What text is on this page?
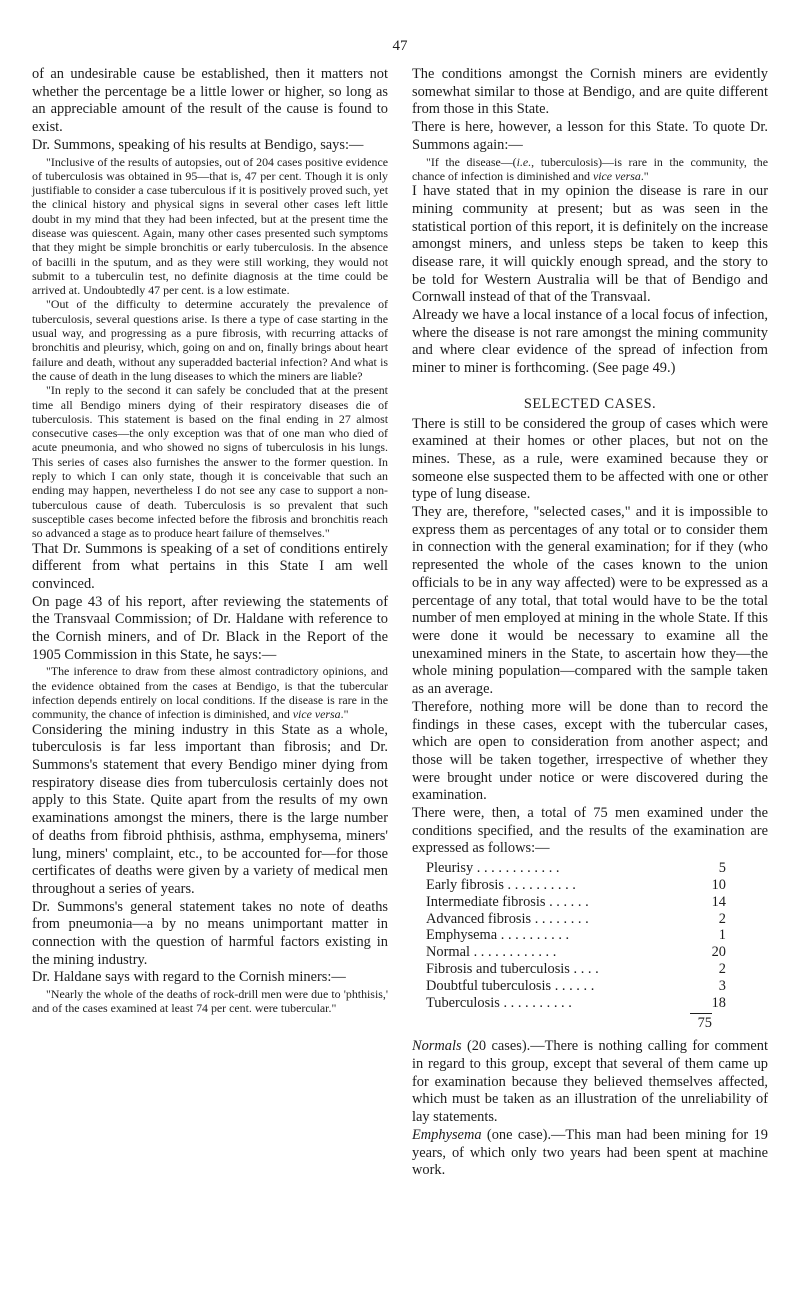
47

of an undesirable cause be established, then it matters not whether the percentage be a little lower or higher, so long as an appreciable amount of the result of the cause is found to exist.

Dr. Summons, speaking of his results at Bendigo, says:—

"Inclusive of the results of autopsies, out of 204 cases positive evidence of tuberculosis was obtained in 95—that is, 47 per cent. Though it is only justifiable to consider a case tuberculous if it is positively proved such, yet the clinical history and physical signs in several other cases left little doubt in my mind that they had been infected, but at the present time the disease was quiescent. Again, many other cases presented such symptoms that they might be simple bronchitis or early tuberculosis. In the absence of bacilli in the sputum, and as they were still working, they would not submit to a tuberculin test, no definite diagnosis at the time could be arrived at. Undoubtedly 47 per cent. is a low estimate.

"Out of the difficulty to determine accurately the prevalence of tuberculosis, several questions arise. Is there a type of case starting in the usual way, and progressing as a pure fibrosis, with recurring attacks of bronchitis and pleurisy, which, going on and on, finally brings about heart failure and death, without any superadded bacterial infection? And what is the cause of death in the lung diseases to which the miners are liable?

"In reply to the second it can safely be concluded that at the present time all Bendigo miners dying of their respiratory diseases die of tuberculosis. This statement is based on the final ending in 27 almost consecutive cases—the only exception was that of one man who died of acute pneumonia, and who showed no signs of tuberculosis in his lungs. This series of cases also furnishes the answer to the former question. In reply to which I can only state, though it is conceivable that such an ending may happen, nevertheless I do not see any case to support a non-tuberculous cause of death. Tuberculosis is so prevalent that such susceptible cases become infected before the fibrosis and bronchitis reach so advanced a stage as to produce heart failure of themselves."

That Dr. Summons is speaking of a set of conditions entirely different from what pertains in this State I am well convinced.

On page 43 of his report, after reviewing the statements of the Transvaal Commission; of Dr. Haldane with reference to the Cornish miners, and of Dr. Black in the Report of the 1905 Commission in this State, he says:—

"The inference to draw from these almost contradictory opinions, and the evidence obtained from the cases at Bendigo, is that the tubercular infection depends entirely on local conditions. If the disease is rare in the community, the chance of infection is diminished, and vice versa."

Considering the mining industry in this State as a whole, tuberculosis is far less important than fibrosis; and Dr. Summons's statement that every Bendigo miner dying from respiratory disease dies from tuberculosis certainly does not apply to this State. Quite apart from the results of my own examinations amongst the miners, there is the large number of deaths from fibroid phthisis, asthma, emphysema, miners' lung, miners' complaint, etc., to be accounted for—for those certificates of deaths were given by a variety of medical men throughout a series of years.

Dr. Summons's general statement takes no note of deaths from pneumonia—a by no means unimportant matter in connection with the question of harmful factors existing in the mining industry.

Dr. Haldane says with regard to the Cornish miners:—

"Nearly the whole of the deaths of rock-drill men were due to 'phthisis,' and of the cases examined at least 74 per cent. were tubercular."

The conditions amongst the Cornish miners are evidently somewhat similar to those at Bendigo, and are quite different from those in this State.

There is here, however, a lesson for this State. To quote Dr. Summons again:—

"If the disease—(i.e., tuberculosis)—is rare in the community, the chance of infection is diminished and vice versa."

I have stated that in my opinion the disease is rare in our mining community at present; but as was seen in the statistical portion of this report, it is definitely on the increase amongst miners, and unless steps be taken to keep this disease rare, it will quickly enough spread, and the story to be told for Western Australia will be that of Bendigo and Cornwall instead of that of the Transvaal.

Already we have a local instance of a local focus of infection, where the disease is not rare amongst the mining community and where clear evidence of the spread of infection from miner to miner is forthcoming. (See page 49.)

SELECTED CASES.

There is still to be considered the group of cases which were examined at their homes or other places, but not on the mines. These, as a rule, were examined because they or someone else suspected them to be affected with one or other type of lung disease.

They are, therefore, "selected cases," and it is impossible to express them as percentages of any total or to consider them in connection with the general examination; for if they (who represented the whole of the cases known to the union officials to be in any way affected) were to be expressed as a percentage of any total, that total would have to be the total number of men employed at mining in the whole State. If this were done it would be necessary to examine all the unexamined miners in the State, to ascertain how they—the whole mining population—compared with the sample taken as an average.

Therefore, nothing more will be done than to record the findings in these cases, except with the tubercular cases, which are open to consideration from another aspect; and those will be taken together, irrespective of whether they were brought under notice or were discovered during the examination.

There were, then, a total of 75 men examined under the conditions specified, and the results of the examination are expressed as follows:—

Pleurisy . . . . . . . . . . . .	5
Early fibrosis . . . . . . . . . .	10
Intermediate fibrosis . . . . . .	14
Advanced fibrosis . . . . . . . .	2
Emphysema . . . . . . . . . .	1
Normal . . . . . . . . . . . .	20
Fibrosis and tuberculosis . . . .	2
Doubtful tuberculosis . . . . . .	3
Tuberculosis . . . . . . . . . .	18
75

Normals (20 cases).—There is nothing calling for comment in regard to this group, except that several of them came up for examination because they believed themselves affected, which must be taken as an illustration of the unreliability of lay statements.

Emphysema (one case).—This man had been mining for 19 years, of which only two years had been spent at machine work.
